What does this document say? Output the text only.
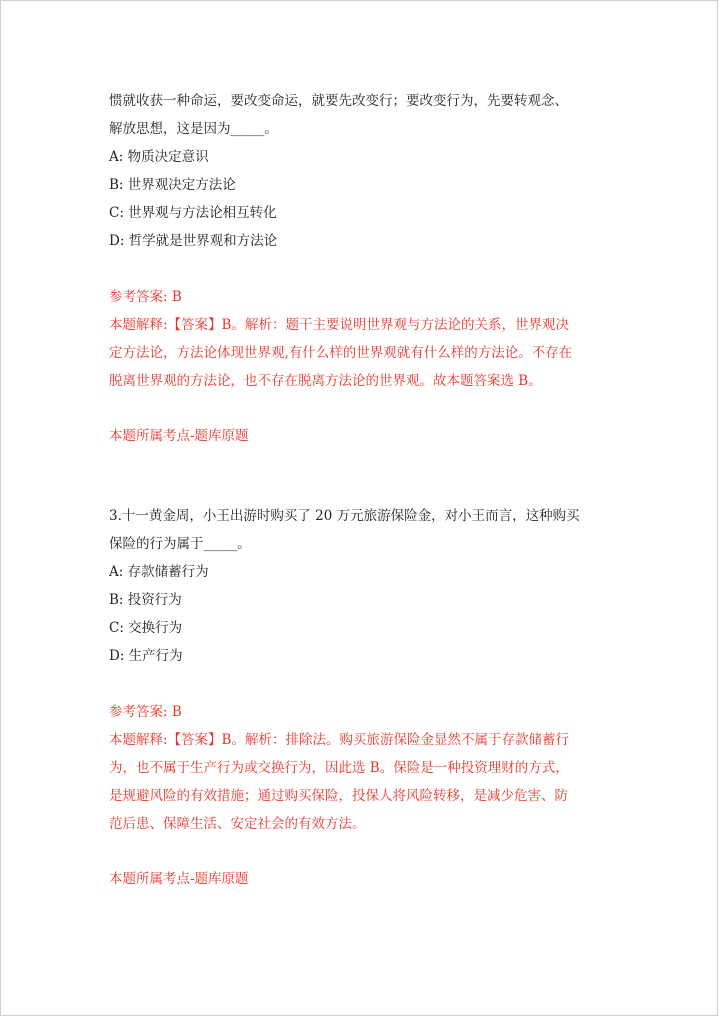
惯就收获一种命运，要改变命运，就要先改变行；要改变行为，先要转观念、
解放思想，这是因为_____。
A: 物质决定意识
B: 世界观决定方法论
C: 世界观与方法论相互转化
D: 哲学就是世界观和方法论
参考答案: B
本题解释:【答案】B。解析：题干主要说明世界观与方法论的关系，世界观决
定方法论，方法论体现世界观,有什么样的世界观就有什么样的方法论。不存在
脱离世界观的方法论，也不存在脱离方法论的世界观。故本题答案选 B。
本题所属考点-题库原题
3.十一黄金周，小王出游时购买了 20 万元旅游保险金，对小王而言，这种购买
保险的行为属于_____。
A: 存款储蓄行为
B: 投资行为
C: 交换行为
D: 生产行为
参考答案: B
本题解释:【答案】B。解析：排除法。购买旅游保险金显然不属于存款储蓄行
为，也不属于生产行为或交换行为，因此选 B。保险是一种投资理财的方式，
是规避风险的有效措施；通过购买保险，投保人将风险转移，是减少危害、防
范后患、保障生活、安定社会的有效方法。
本题所属考点-题库原题
